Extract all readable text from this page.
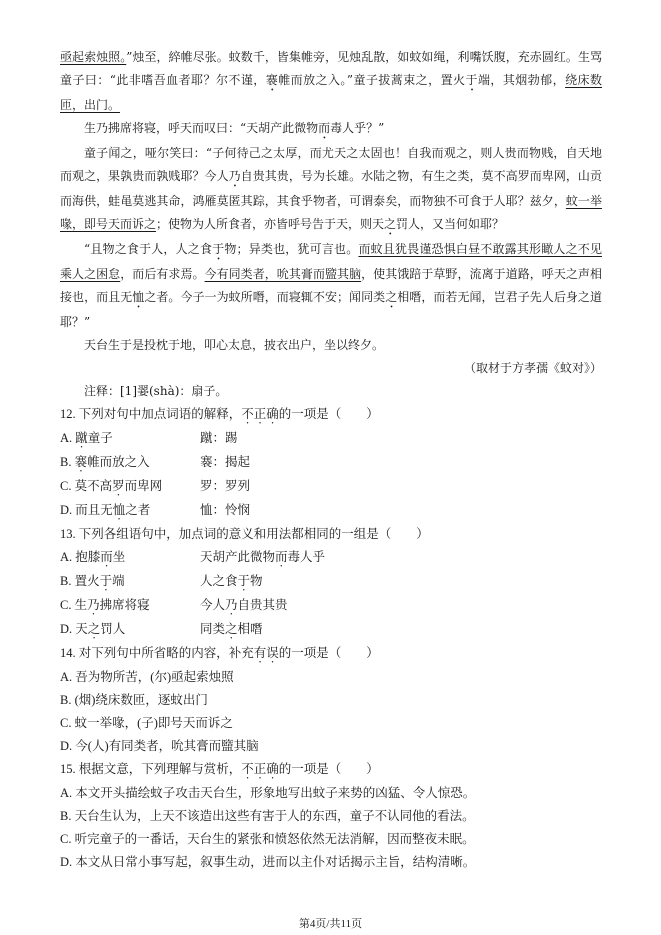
亟起索烛照。”烛至，綷帷尽张。蚊数千，皆集帷旁，见烛乱散，如蚊如绳，利嘴饫腹，充赤圆红。生骂童子曰：“此非嗜吾血者耶？尔不谨，褰帷而放之入。”童子拔蒿束之，置火于端，其烟勃郁，绕床数匝，出门。

生乃拂席将寝，呼天而叹曰：“天胡产此微物而毒人乎？”

童子闻之，哑尔笑曰：“子何待己之太厚，而尤天之太固也！自我而观之，则人贵而物贱，自天地而观之，果孰贵而孰贱耶？今人乃自贵其贵，号为长雄。水陆之物，有生之类，莫不高罗而卑网，山贡而海供，蛙黾莫逃其命，鸿雁莫匿其踪，其食乎物者，可谓泰矣，而物独不可食于人耶？兹夕，蚊一举喙，即号天而诉之；使物为人所食者，亦皆呼号告于天，则天之罚人，又当何如耶？

“且物之食于人，人之食于物；异类也，犹可言也。而蚊且犹畏谨恐惧白昼不敢露其形瞰人之不见乘人之困怠，而后有求焉。今有同类者，吮其膏而盬其脑，使其饿踣于草野，流离于道路，呼天之声相接也，而且无恤之者。今子一为蚊所噆，而寝辄不安；闻同类之相噆，而若无闻，岂君子先人后身之道耶？”

天台生于是投枕于地，叩心太息，披衣出户，坐以终夕。

（取材于方孝孺《蚊对》）
注释：[1]翣(shà)：扇子。
12. 下列对句中加点词语的解释，不正确的一项是（　　）
A. 蹴童子	蹴：踢
B. 褰帷而放之入	褰：揭起
C. 莫不高罗而卑网	罗：罗列
D. 而且无恤之者	恤：怜悯
13. 下列各组语句中，加点词的意义和用法都相同的一组是（　　）
A. 抱膝而坐	天胡产此微物而毒人乎
B. 置火于端	人之食于物
C. 生乃拂席将寝	今人乃自贵其贵
D. 天之罚人	同类之相噆
14. 对下列句中所省略的内容，补充有误的一项是（　　）
A. 吾为物所苦，(尔)亟起索烛照
B. (烟)绕床数匝，逐蚊出门
C. 蚊一举喙，(子)即号天而诉之
D. 今(人)有同类者，吮其膏而盬其脑
15. 根据文意，下列理解与赏析，不正确的一项是（　　）
A. 本文开头描绘蚊子攻击天台生，形象地写出蚊子来势的凶猛、令人惊恐。
B. 天台生认为，上天不该造出这些有害于人的东西，童子不认同他的看法。
C. 听完童子的一番话，天台生的紧张和愤怒依然无法消解，因而整夜未眠。
D. 本文从日常小事写起，叙事生动，进而以主仆对话揭示主旨，结构清晰。
第4页/共11页
